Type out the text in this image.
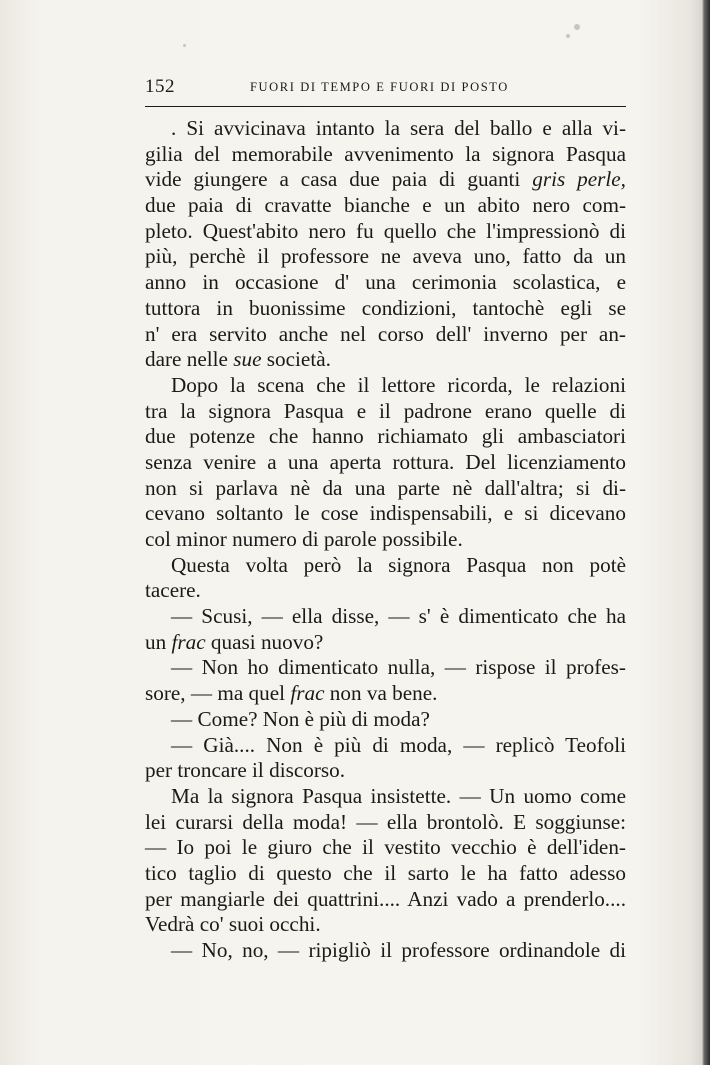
152	FUORI DI TEMPO E FUORI DI POSTO
. Si avvicinava intanto la sera del ballo e alla vi-
gilia del memorabile avvenimento la signora Pasqua
vide giungere a casa due paia di guanti gris perle,
due paia di cravatte bianche e un abito nero com-
pleto. Quest'abito nero fu quello che l'impressionò di
più, perchè il professore ne aveva uno, fatto da un
anno in occasione d' una cerimonia scolastica, e
tuttora in buonissime condizioni, tantochè egli se
n' era servito anche nel corso dell' inverno per an-
dare nelle sue società.
Dopo la scena che il lettore ricorda, le relazioni
tra la signora Pasqua e il padrone erano quelle di
due potenze che hanno richiamato gli ambasciatori
senza venire a una aperta rottura. Del licenziamento
non si parlava nè da una parte nè dall'altra; si di-
cevano soltanto le cose indispensabili, e si dicevano
col minor numero di parole possibile.
Questa volta però la signora Pasqua non potè
tacere.
— Scusi, — ella disse, — s' è dimenticato che ha
un frac quasi nuovo?
— Non ho dimenticato nulla, — rispose il profes-
sore, — ma quel frac non va bene.
— Come? Non è più di moda?
— Già.... Non è più di moda, — replicò Teofoli
per troncare il discorso.
Ma la signora Pasqua insistette. — Un uomo come
lei curarsi della moda! — ella brontolò. E soggiunse:
— Io poi le giuro che il vestito vecchio è dell'iden-
tico taglio di questo che il sarto le ha fatto adesso
per mangiarle dei quattrini.... Anzi vado a prenderlo....
Vedrà co' suoi occhi.
— No, no, — ripigliò il professore ordinandole di
